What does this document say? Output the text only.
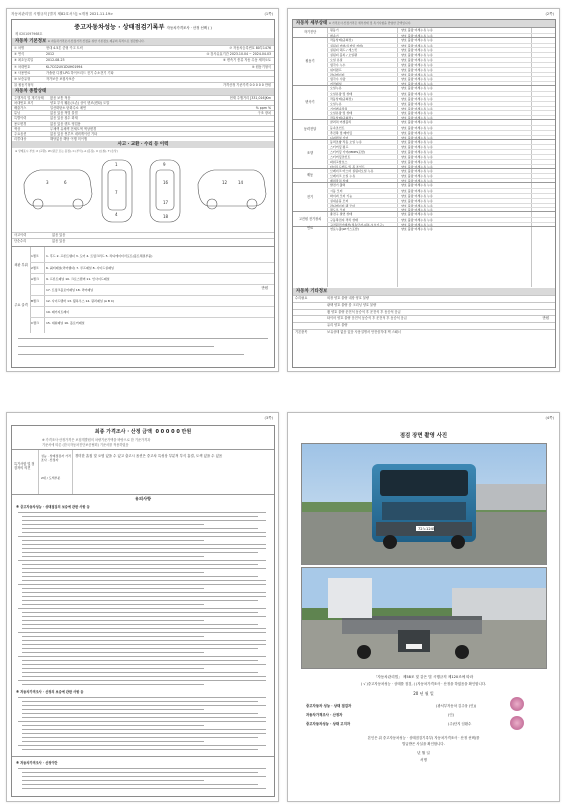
자동차관리법 시행규칙 [별지 제82호서식] <개정 2021.11.19>	(1쪽)
중고자동차성능 · 상태점검기록부 자동차가격조사 · 산정 선택 ( )
제 0201097968호
자동차 기본정보 ※ 자동차가격조사·산정가격 산정을 위한 기본정보 제공의 목적으로 점검합니다.
① 차명	현대 4.5톤 중형 카고 트럭	② 자동차등록번호 80부1476
③ 연식	2012	④ 검사유효기간 2023.10.04 ~ 2024.04.03
⑤ 최초등록일	2012-08-23	⑥ 변속기 종류 자동 수동 세미오토
⑦ 차대번호	KL7CG2UV1DUH01994	⑧ 원동기형식
⑨ 사용연료	가솔린 디젤 LPG 하이브리드 전기 수소전기 기타
⑩ 보증유형	자가보증 보험사보증
⑪ 원동기형식	가격산정 기준가격 0 0 0 0 0 만원
자동차 종합상태
주행거리 및 계기상태 많음 보통 적음	현재 주행거리 [331,016]Km
차대번호 표기	양호 부식 훼손(오손) 상이 변조(변타) 도말
배출가스	일산화탄소 탄화수소 매연	% ppm %
튜닝	없음 있음 적법 불법	구조 장치
특별이력	없음 있음 침수 화재
용도변경	없음 있음 렌트 영업용
색상	무채색 유채색 전체도색 색상변경
주요옵션	없음 있음 썬루프 네비게이션 기타
리콜대상	해당없음 해당 이행 미이행
사고 · 교환 · 수리 등 이력
※ 상태표시 부호: X (교환), W (판금 또는 용접), C (부식), A (흠집), U (요철), T (손상)
3	6
1
7
4
9
16
17
18
12	14
사고이력	없음 있음
단순수리	없음 있음
외판 부위
주요 골격
1랭크 1. 후드 2. 프론트휀더 3. 도어 4. 트렁크리드 5. 라디에이터서포트(볼트체결부품)
2랭크 6. 쿼터패널(리어휀더) 7. 루프패널 8. 사이드실패널
A랭크 9. 프론트패널 10. 크로스멤버 11. 인사이드패널
17. 트렁크플로어패널 18. 리어패널
B랭크 12. 사이드멤버 13. 휠하우스 14. 필러패널 (A B C)
19. 패키지트레이
C랭크 15. 대쉬패널 16. 플로어패널
만원
(2쪽)
자동차 세부상태 ※ 가격조사·산정가격은 세부상태 및 특기사항을 반영한 금액입니다.
자기진단
원동기	양호 불량 미세누유 누유
변속기	양호 불량 미세누유 누유
원동기
작동상태(공회전)	양호 불량 미세누유 누유
실린더 커버(로커암 커버)	양호 불량 미세누유 누유
실린더 헤드 / 개스킷	양호 불량 미세누유 누유
실린더 블록 / 오일팬	양호 불량 미세누유 누유
오일 유질	양호 불량 미세누유 누유
냉각수 누수	양호 불량 미세누유 누유
워터펌프	양호 불량 미세누유 누유
라디에이터	양호 불량 미세누유 누유
냉각수 수량	양호 불량 미세누유 누유
커먼레일	양호 불량 미세누유 누유
변속기
오일누유	양호 불량 미세누유 누유
오일유량 및 상태	양호 불량 미세누유 누유
작동상태(공회전)	양호 불량 미세누유 누유
오일누유	양호 불량 미세누유 누유
기어변속장치	양호 불량 미세누유 누유
오일유량 및 상태	양호 불량 미세누유 누유
작동상태(공회전)	양호 불량 미세누유 누유
동력전달
클러치 어셈블리	양호 불량 미세누유 누유
등속조인트	양호 불량 미세누유 누유
추진축 및 베어링	양호 불량 미세누유 누유
디퍼렌셜 기어	양호 불량 미세누유 누유
조향
동력조향 작동 오일 누유	양호 불량 미세누유 누유
스티어링 펌프	양호 불량 미세누유 누유
스티어링 기어(MDPS포함)	양호 불량 미세누유 누유
스티어링조인트	양호 불량 미세누유 누유
파워고압호스	양호 불량 미세누유 누유
타이로드엔드 및 볼 조인트	양호 불량 미세누유 누유
제동
브레이크 마스터 실린더오일 누유	양호 불량 미세누유 누유
브레이크 오일 누유	양호 불량 미세누유 누유
배력장치 상태	양호 불량 미세누유 누유
전기
발전기 출력	양호 불량 미세누유 누유
시동 모터	양호 불량 미세누유 누유
와이퍼 모터 기능	양호 불량 미세누유 누유
실내송풍 모터	양호 불량 미세누유 누유
라디에이터 팬 모터	양호 불량 미세누유 누유
윈도우 모터	양호 불량 미세누유 누유
고전원 전기장치
충전구 절연 상태	양호 불량 미세누유 누유
구동축전지 격리 상태	양호 불량 미세누유 누유
고전원전기배선(접속단자,피복,보호기구)	양호 불량 미세누유 누유
연료	연료누출(LP가스포함)	양호 불량 미세누유 누유
자동차 기타정보
수리필요	외장 양호 불량 내장 양호 불량
광택 양호 불량 룸 크리닝 양호 불량
휠 양호 불량 운전석 동승석 후 운전석 후 동승석 응급
타이어 양호 불량 운전석 동승석 후 운전석 후 동승석 응급
유리 양호 불량
기본품목	보유상태 없음 있음 사용설명서 안전삼각대 잭 스패너
만원
(3쪽)
최종 가격조사 · 산정 금액 0 0 0 0 0 만원
※ 가격조사·산정가격은 보험개발원의 차량기준가액을 바탕으로 한 기준가격과
기준서에 따른 (한국자동차진단보증협회) 기준서를 적용하였음
특기사항 및 점검자의 의견
성능 · 상태점검자 가격조사 · 산정자
경미한 흠집 및 오염 있을 수 있고 출고시 옵션은 중고차 특성상 부분적 부식 흠결, 도색 있을 수 있음
2대 / 도색부분
유의사항
※ 중고자동차성능 · 상태점검의 보증에 관한 사항 등
※ 자동차가격조사 · 산정의 보증에 관한 사항 등
※ 자동차가격조사 · 산정이란
(4쪽)
점검 장면 촬영 사진
72노1245
「자동차관리법」 제58조 및 같은 법 시행규칙 제120조에 따라
( √ )중고자동차성능 · 상태를 점검, ( )자동차가격조사 · 산정을 하였음을 확인합니다.
20 년 월 일
중고자동차 성능 · 상태 점검자	(광서부자동차 김주웅 (인))
자동차가격조사 · 산정자	(인)
중고자동차성능 · 상태 고지자	(주)단지 임환수
본인은 위 중고자동차성능 · 상태점검기록부( 자동차가격조사 · 산정 선택)를
발급받은 사실을 확인합니다.
년 월 일
서명
